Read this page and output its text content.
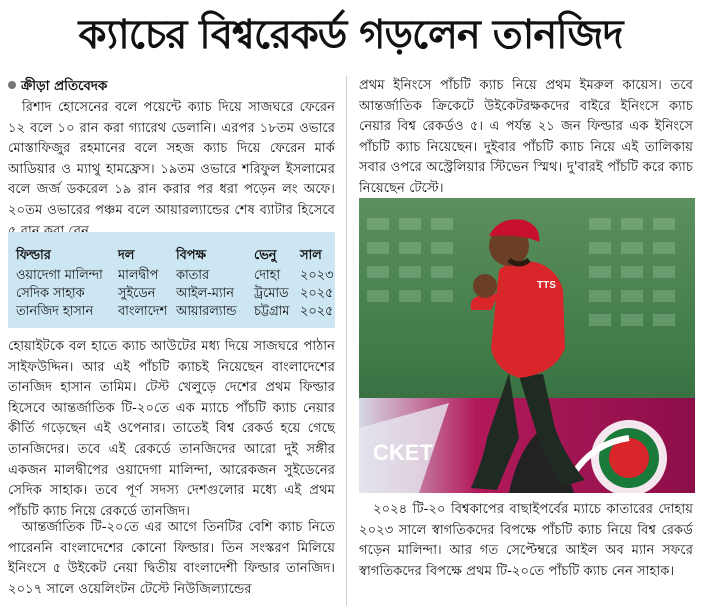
ক্যাচের বিশ্বরেকর্ড গড়লেন তানজিদ
ক্রীড়া প্রতিবেদক
রিশাদ হোসেনের বলে পয়েন্টে ক্যাচ দিয়ে সাজঘরে ফেরেন ১২ বলে ১০ রান করা গ্যারেথ ডেলানি। এরপর ১৮তম ওভারে মোস্তাফিজুর রহমানের বলে সহজ ক্যাচ দিয়ে ফেরেন মার্ক আডিয়ার ও ম্যাথু হামফ্রেস। ১৯তম ওভারে শরিফুল ইসলামের বলে জর্জ ডকরেল ১৯ রান করার পর ধরা পড়েন লং অফে। ২০তম ওভারের পঞ্চম বলে আয়ারল্যান্ডের শেষ ব্যাটার হিসেবে
ফিল্ডার	দল	বিপক্ষ	ভেনু	সাল
ওয়াদেগা মালিন্দা	মালদ্বীপ	কাতার	দোহা	২০২৩
সেদিক সাহাক	সুইডেন	আইল-ম্যান	ট্রমোড	২০২৫
তানজিদ হাসান	বাংলাদেশ	আয়ারল্যান্ড	চট্টগ্রাম	২০২৫
হোয়াইটকে বল হাতে ক্যাচ আউটের মধ্য দিয়ে সাজঘরে পাঠান সাইফউদ্দিন। আর এই পাঁচটি ক্যাচই নিয়েছেন বাংলাদেশের তানজিদ হাসান তামিম। টেস্ট খেলুড়ে দেশের প্রথম ফিল্ডার হিসেবে আন্তর্জাতিক টি-২০তে এক ম্যাচে পাঁচটি ক্যাচ নেয়ার কীর্তি গড়েছেন এই ওপেনার। তাতেই বিশ্ব রেকর্ড হয়ে গেছে তানজিদের। তবে এই রেকর্ডে তানজিদের আরো দুই সঙ্গীর একজন মালদ্বীপের ওয়াদেগা মালিন্দা, আরেকজন সুইডেনের সেদিক সাহাক। তবে পূর্ণ সদস্য দেশগুলোর মধ্যে এই প্রথম পাঁচটি ক্যাচ নিয়ে রেকর্ডে তানজিদ।
আন্তর্জাতিক টি-২০তে এর আগে তিনটির বেশি ক্যাচ নিতে পারেননি বাংলাদেশের কোনো ফিল্ডার। তিন সংস্করণ মিলিয়ে ইনিংসে ৫ উইকেট নেয়া দ্বিতীয় বাংলাদেশী ফিল্ডার তানজিদ। ২০১৭ সালে ওয়েলিংটন টেস্টে নিউজিল্যান্ডের
প্রথম ইনিংসে পাঁচটি ক্যাচ নিয়ে প্রথম ইমরুল কায়েস। তবে আন্তর্জাতিক ক্রিকেটে উইকেটরক্ষকদের বাইরে ইনিংসে ক্যাচ নেয়ার বিশ্ব রেকর্ডও ৫। এ পর্যন্ত ২১ জন ফিল্ডার এক ইনিংসে পাঁচটি ক্যাচ নিয়েছেন। দুইবার পাঁচটি ক্যাচ নিয়ে এই তালিকায় সবার ওপরে অস্ট্রেলিয়ার স্টিভেন স্মিথ। দু'বারই পাঁচটি করে ক্যাচ নিয়েছেন টেস্টে।
CKET
TTS
২০২৪ টি-২০ বিশ্বকাপের বাছাইপর্বের ম্যাচে কাতারের দোহায় ২০২৩ সালে স্বাগতিকদের বিপক্ষে পাঁচটি ক্যাচ নিয়ে বিশ্ব রেকর্ড গড়েন মালিন্দা। আর গত সেপ্টেম্বরে আইল অব ম্যান সফরে স্বাগতিকদের বিপক্ষে প্রথম টি-২০তে পাঁচটি ক্যাচ নেন সাহাক।
